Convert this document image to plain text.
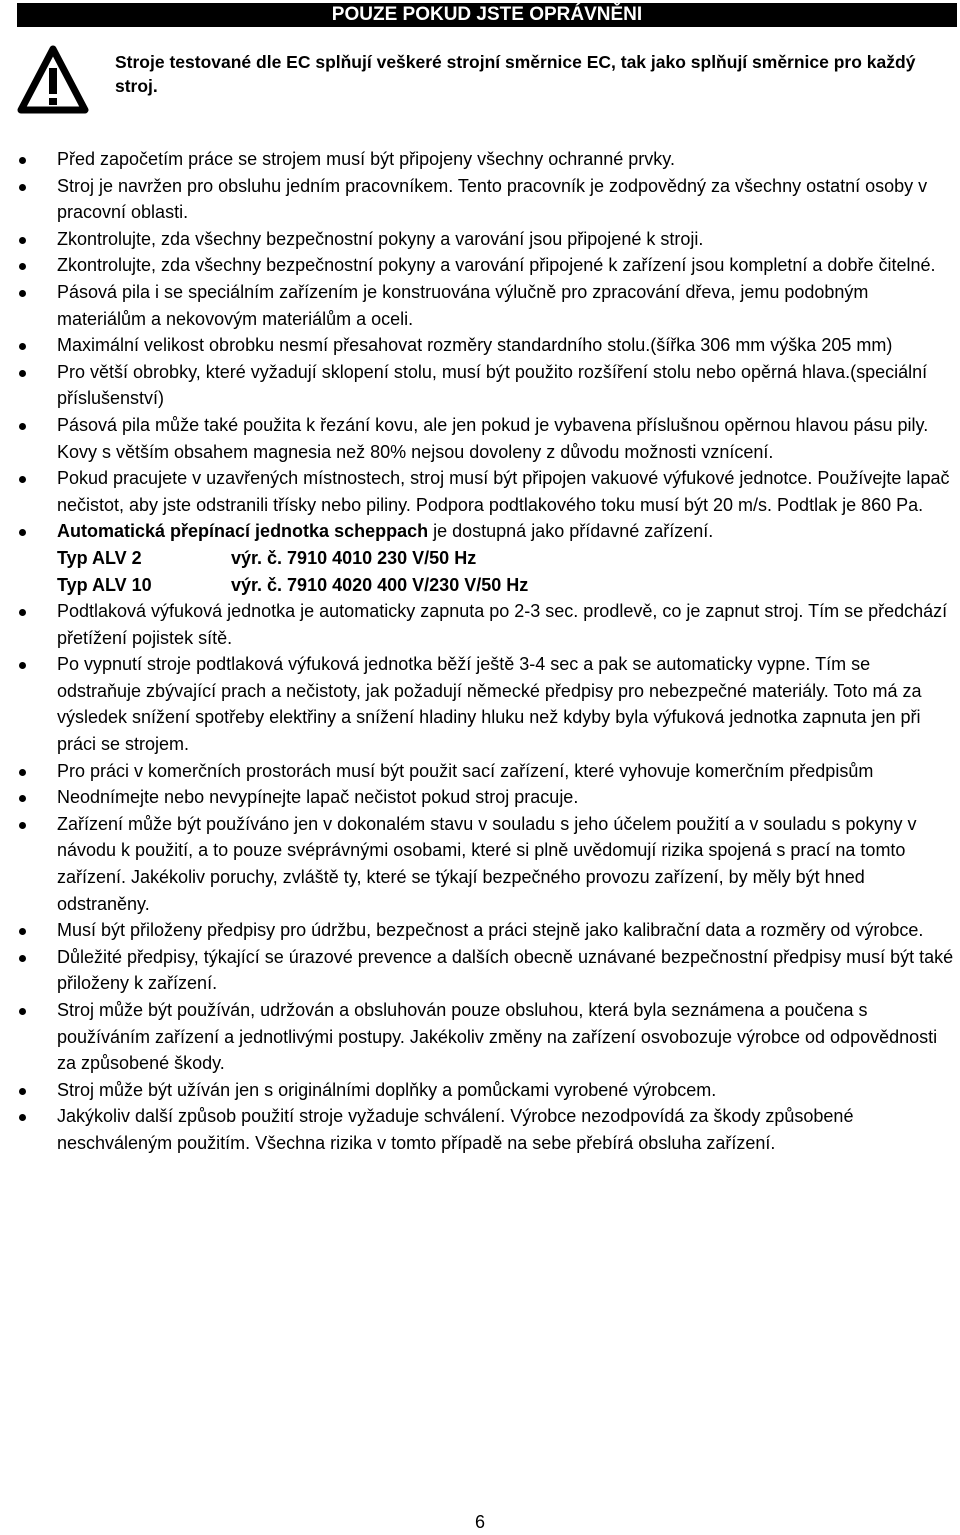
POUZE POKUD JSTE OPRÁVNĚNI
Stroje testované dle EC splňují veškeré strojní směrnice EC, tak jako splňují směrnice pro každý stroj.
Před započetím práce se strojem musí být připojeny všechny ochranné prvky.
Stroj je navržen pro obsluhu jedním pracovníkem. Tento pracovník je zodpovědný za všechny ostatní osoby v pracovní oblasti.
Zkontrolujte, zda všechny bezpečnostní pokyny a varování jsou připojené k stroji.
Zkontrolujte, zda všechny bezpečnostní pokyny a varování připojené k zařízení jsou kompletní a dobře čitelné.
Pásová pila i se speciálním zařízením je konstruována výlučně pro zpracování dřeva, jemu podobným materiálům a nekovovým materiálům a oceli.
Maximální velikost obrobku nesmí přesahovat rozměry standardního stolu.(šířka 306 mm výška 205 mm)
Pro větší obrobky, které vyžadují sklopení stolu, musí být použito rozšíření stolu nebo opěrná hlava.(speciální příslušenství)
Pásová pila může také použita k řezání kovu, ale jen pokud je vybavena příslušnou opěrnou hlavou pásu pily. Kovy s větším obsahem magnesia než 80% nejsou dovoleny z důvodu možnosti vznícení.
Pokud pracujete v uzavřených místnostech, stroj musí být připojen vakuové výfukové jednotce. Používejte lapač nečistot, aby jste odstranili třísky nebo piliny. Podpora podtlakového toku musí být 20 m/s. Podtlak je 860 Pa.
Automatická přepínací jednotka scheppach je dostupná jako přídavné zařízení.
Typ ALV 2	výr. č. 7910 4010 230 V/50 Hz
Typ ALV 10	výr. č. 7910 4020 400 V/230 V/50 Hz
Podtlaková výfuková jednotka je automaticky zapnuta po 2-3 sec. prodlevě, co je zapnut stroj. Tím se předchází přetížení pojistek sítě.
Po vypnutí stroje podtlaková výfuková jednotka běží ještě 3-4 sec a pak se automaticky vypne. Tím se odstraňuje zbývající prach a nečistoty, jak požadují německé předpisy pro nebezpečné materiály. Toto má za výsledek snížení spotřeby elektřiny a snížení hladiny hluku než kdyby byla výfuková jednotka zapnuta jen při práci se strojem.
Pro práci v komerčních prostorách musí být použit sací zařízení, které vyhovuje komerčním předpisům
Neodnímejte nebo nevypínejte lapač nečistot pokud stroj pracuje.
Zařízení může být používáno jen v dokonalém stavu v souladu s jeho účelem použití a v souladu s pokyny v návodu k použití, a to pouze svéprávnými osobami, které si plně uvědomují rizika spojená s prací na tomto zařízení. Jakékoliv poruchy, zvláště ty, které se týkají bezpečného provozu zařízení, by měly být hned odstraněny.
Musí být přiloženy předpisy pro údržbu, bezpečnost a práci stejně jako kalibrační data a rozměry od výrobce.
Důležité předpisy, týkající se úrazové prevence a dalších obecně uznávané bezpečnostní předpisy musí být také přiloženy k zařízení.
Stroj může být používán, udržován a obsluhován pouze obsluhou, která byla seznámena a poučena s používáním zařízení a jednotlivými postupy. Jakékoliv změny na zařízení osvobozuje výrobce od odpovědnosti za způsobené škody.
Stroj může být užíván jen s originálními doplňky a pomůckami vyrobené výrobcem.
Jakýkoliv další způsob použití stroje vyžaduje schválení. Výrobce nezodpovídá za škody způsobené neschváleným použitím. Všechna rizika v tomto případě na sebe přebírá obsluha zařízení.
6
